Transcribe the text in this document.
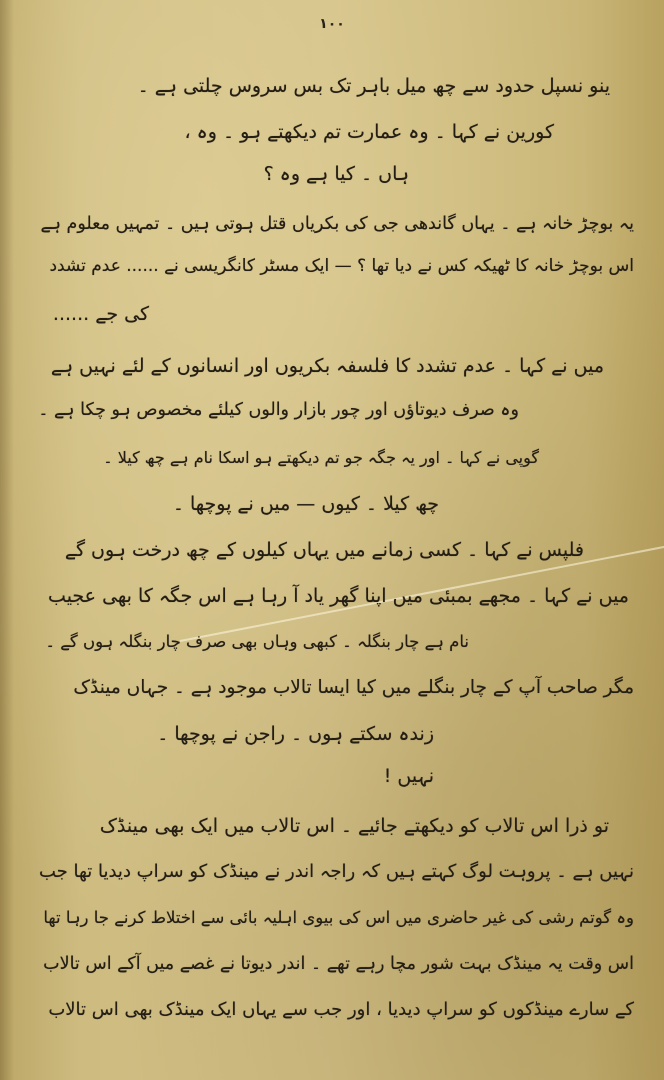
۱۰۰
ینو نسپل حدود سے چھ میل باہر تک بس سروس چلتی ہے ۔
کورین نے کہا ۔ وہ عمارت تم دیکھتے ہو ۔ وہ ،
ہاں ۔ کیا ہے وہ ؟
یہ بوچڑ خانہ ہے ۔ یہاں گاندھی جی کی بکریاں قتل ہوتی ہیں ۔ تمہیں معلوم ہے
اس بوچڑ خانہ کا ٹھیکہ کس نے دیا تھا ؟ — ایک مسٹر کانگریسی نے ...... عدم تشدد
کی جے ......
میں نے کہا ۔ عدم تشدد کا فلسفہ بکریوں اور انسانوں کے لئے نہیں ہے
وہ صرف دیوتاؤں اور چور بازار والوں کیلئے مخصوص ہو چکا ہے ۔
گوپی نے کہا ۔ اور یہ جگہ جو تم دیکھتے ہو اسکا نام ہے چھ کیلا ۔
چھ کیلا ۔ کیوں — میں نے پوچھا ۔
فلپس نے کہا ۔ کسی زمانے میں یہاں کیلوں کے چھ درخت ہوں گے
میں نے کہا ۔ مجھے بمبئی میں اپنا گھر یاد آ رہا ہے اس جگہ کا بھی عجیب
نام ہے چار بنگلہ ۔ کبھی وہاں بھی صرف چار بنگلہ ہوں گے ۔
مگر صاحب آپ کے چار بنگلے میں کیا ایسا تالاب موجود ہے ۔ جہاں مینڈک
زندہ سکتے ہوں ۔ راجن نے پوچھا ۔
نہیں !
تو ذرا اس تالاب کو دیکھتے جائیے ۔ اس تالاب میں ایک بھی مینڈک
نہیں ہے ۔ پروہت لوگ کہتے ہیں کہ راجہ اندر نے مینڈک کو سراپ دیدیا تھا جب
وہ گوتم رشی کی غیر حاضری میں اس کی بیوی اہلیہ بائی سے اختلاط کرنے جا رہا تھا
اس وقت یہ مینڈک بہت شور مچا رہے تھے ۔ اندر دیوتا نے غصے میں آکے اس تالاب
کے سارے مینڈکوں کو سراپ دیدیا ، اور جب سے یہاں ایک مینڈک بھی اس تالاب
